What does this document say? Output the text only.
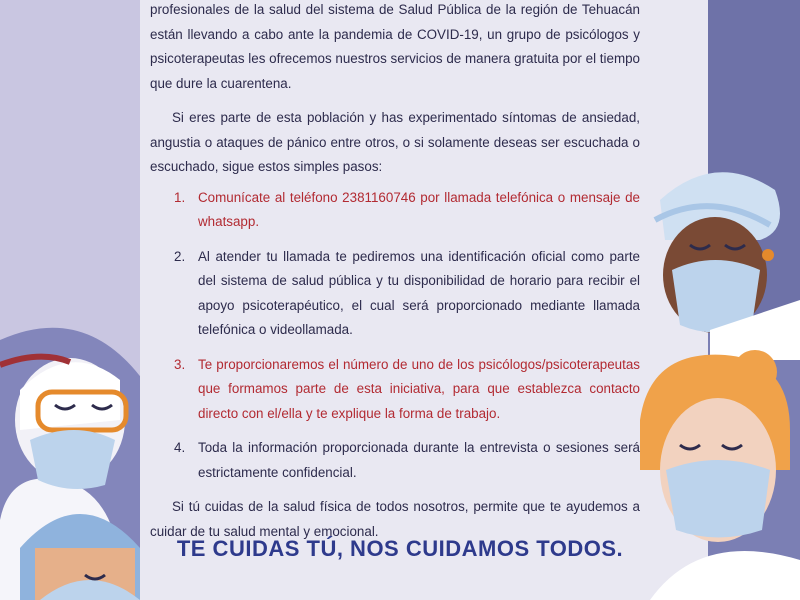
profesionales de la salud del sistema de Salud Pública de la región de Tehuacán están llevando a cabo ante la pandemia de COVID-19, un grupo de psicólogos y psicoterapeutas les ofrecemos nuestros servicios de manera gratuita por el tiempo que dure la cuarentena.

Si eres parte de esta población y has experimentado síntomas de ansiedad, angustia o ataques de pánico entre otros, o si solamente deseas ser escuchada o escuchado, sigue estos simples pasos:

1. Comunícate al teléfono 2381160746 por llamada telefónica o mensaje de whatsapp.
2. Al atender tu llamada te pediremos una identificación oficial como parte del sistema de salud pública y tu disponibilidad de horario para recibir el apoyo psicoterapéutico, el cual será proporcionado mediante llamada telefónica o videollamada.
3. Te proporcionaremos el número de uno de los psicólogos/psicoterapeutas que formamos parte de esta iniciativa, para que establezca contacto directo con el/ella y te explique la forma de trabajo.
4. Toda la información proporcionada durante la entrevista o sesiones será estrictamente confidencial.

Si tú cuidas de la salud física de todos nosotros, permite que te ayudemos a cuidar de tu salud mental y emocional.

TE CUIDAS TÚ, NOS CUIDAMOS TODOS.
